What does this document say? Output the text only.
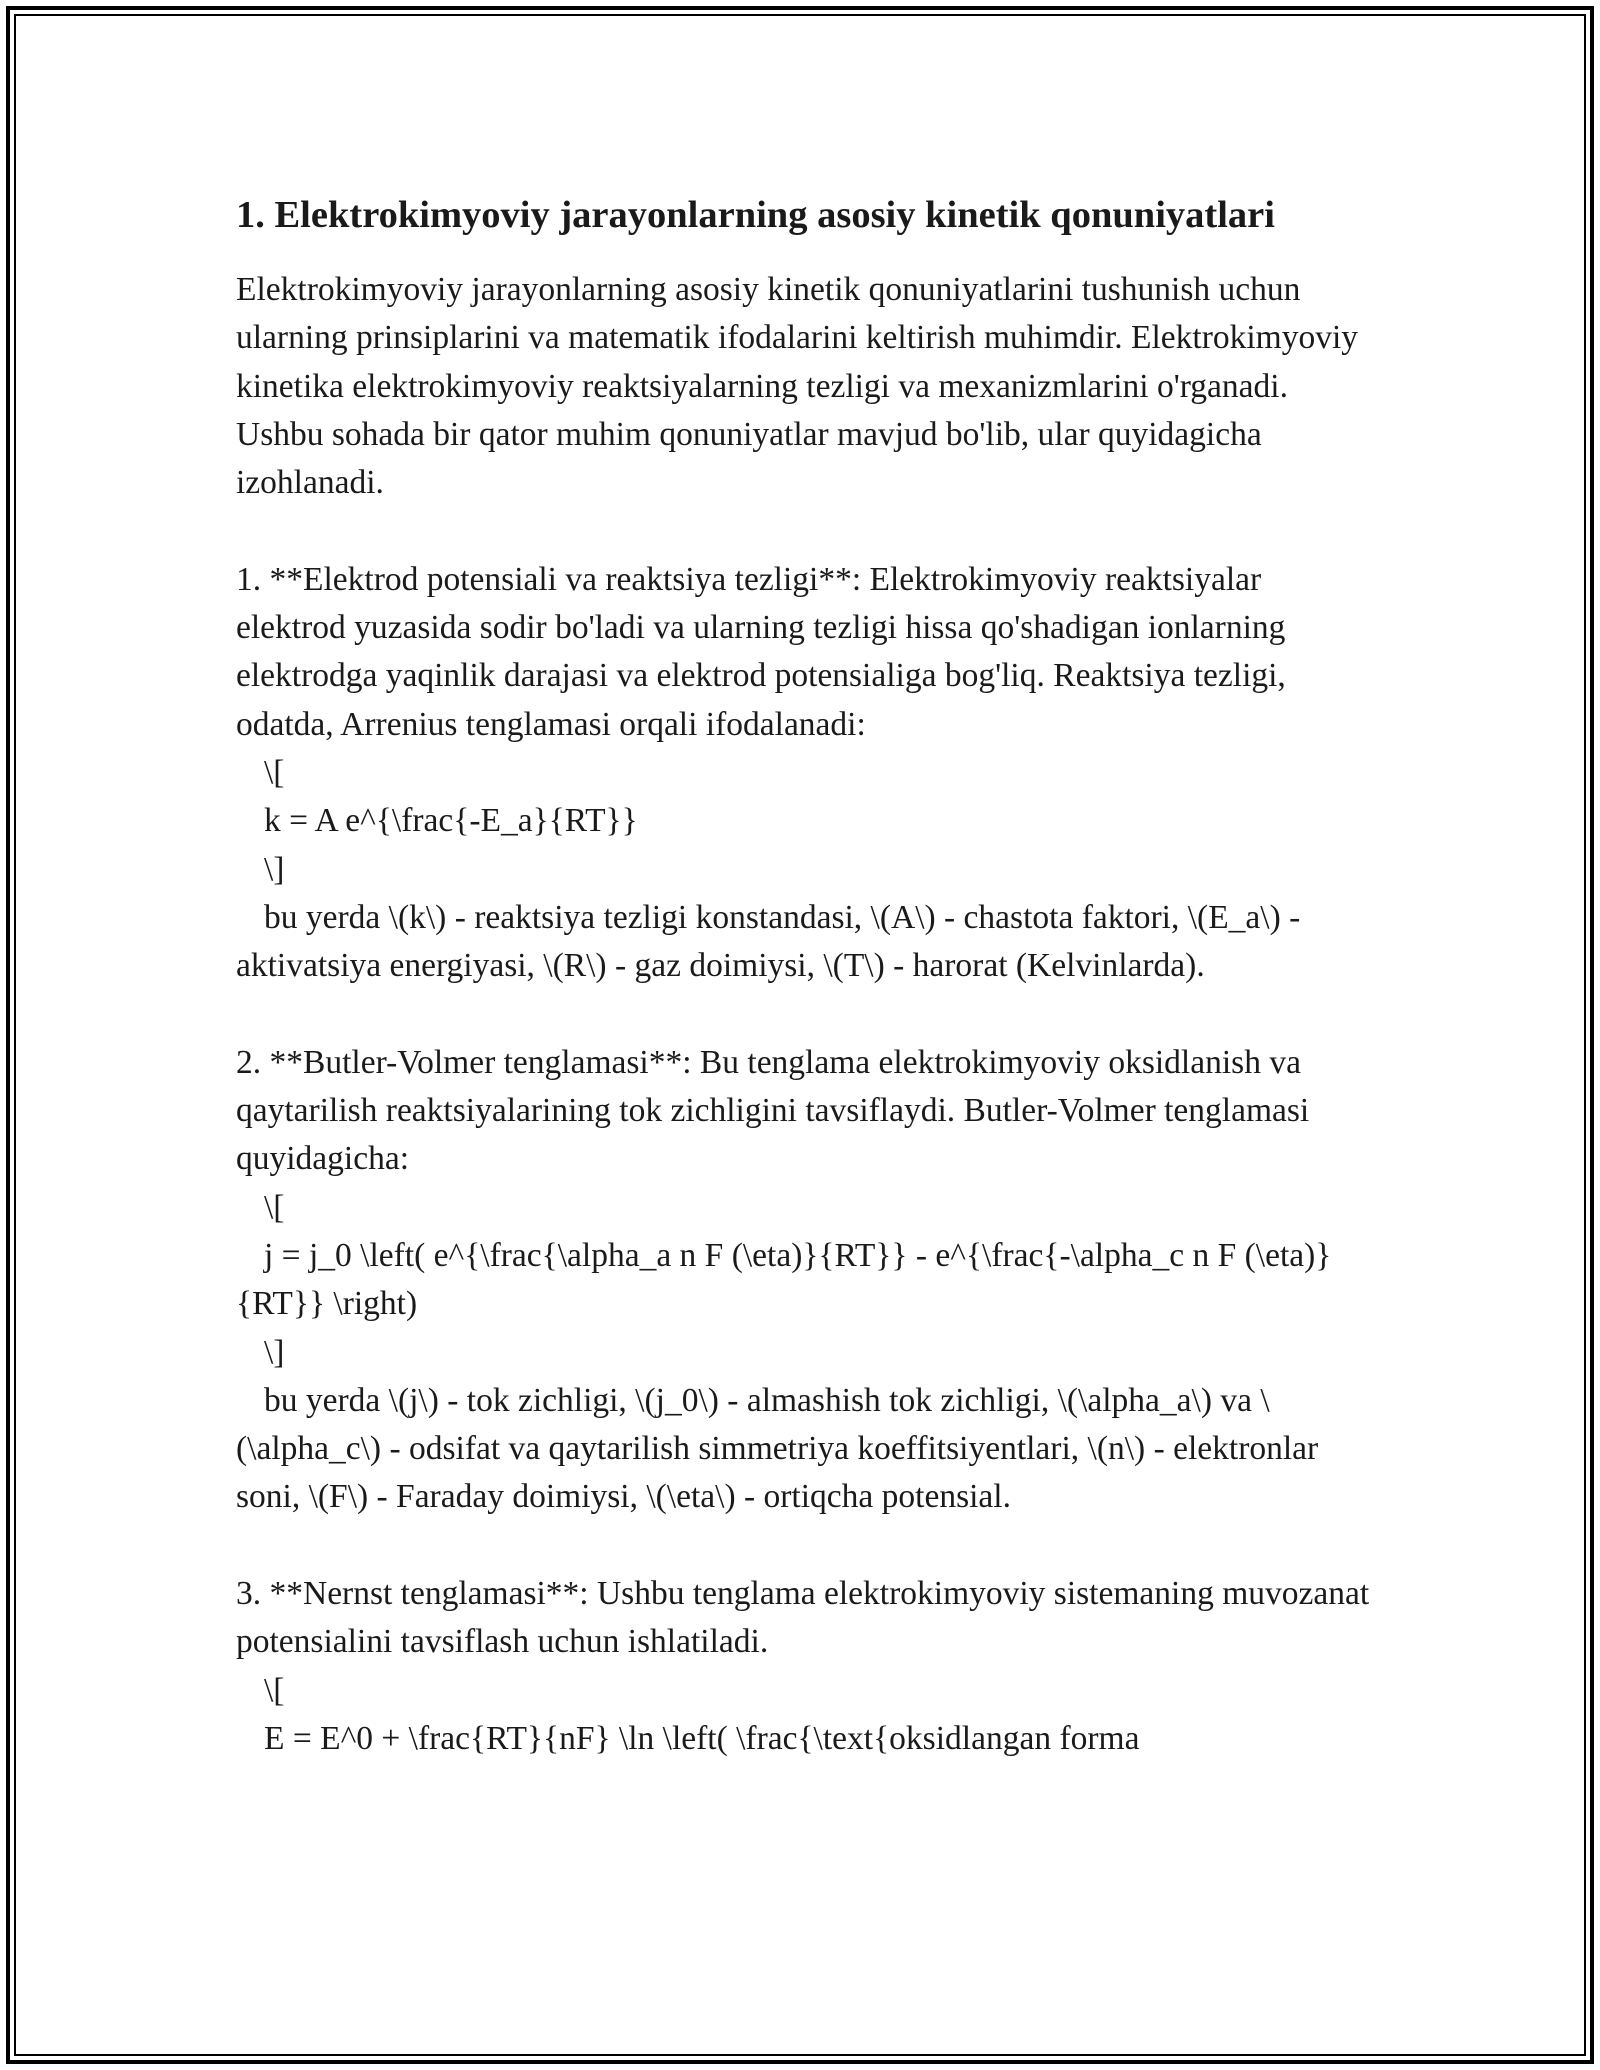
1. Elektrokimyoviy jarayonlarning asosiy kinetik qonuniyatlari

Elektrokimyoviy jarayonlarning asosiy kinetik qonuniyatlarini tushunish uchun ularning prinsiplarini va matematik ifodalarini keltirish muhimdir. Elektrokimyoviy kinetika elektrokimyoviy reaktsiyalarning tezligi va mexanizmlarini o'rganadi. Ushbu sohada bir qator muhim qonuniyatlar mavjud bo'lib, ular quyidagicha izohlanadi.

1. **Elektrod potensiali va reaktsiya tezligi**: Elektrokimyoviy reaktsiyalar elektrod yuzasida sodir bo'ladi va ularning tezligi hissa qo'shadigan ionlarning elektrodga yaqinlik darajasi va elektrod potensialiga bog'liq. Reaktsiya tezligi, odatda, Arrenius tenglamasi orqali ifodalanadi:
\[
k = A e^{\frac{-E_a}{RT}}
\]
bu yerda \(k\) - reaktsiya tezligi konstandasi, \(A\) - chastota faktori, \(E_a\) - aktivatsiya energiyasi, \(R\) - gaz doimiysi, \(T\) - harorat (Kelvinlarda).
2. **Butler-Volmer tenglamasi**: Bu tenglama elektrokimyoviy oksidlanish va qaytarilish reaktsiyalarining tok zichligini tavsiflaydi. Butler-Volmer tenglamasi quyidagicha:
\[
j = j_0 \left( e^{\frac{\alpha_a n F (\eta)}{RT}} - e^{\frac{-\alpha_c n F (\eta)}{RT}} \right)
\]
bu yerda \(j\) - tok zichligi, \(j_0\) - almashish tok zichligi, \(\alpha_a\) va \(\alpha_c\) - odsifat va qaytarilish simmetriya koeffitsiyentlari, \(n\) - elektronlar soni, \(F\) - Faraday doimiysi, \(\eta\) - ortiqcha potensial.
3. **Nernst tenglamasi**: Ushbu tenglama elektrokimyoviy sistemaning muvozanat potensialini tavsiflash uchun ishlatiladi.
\[
E = E^0 + \frac{RT}{nF} \ln \left( \frac{\text{oksidlangan forma
